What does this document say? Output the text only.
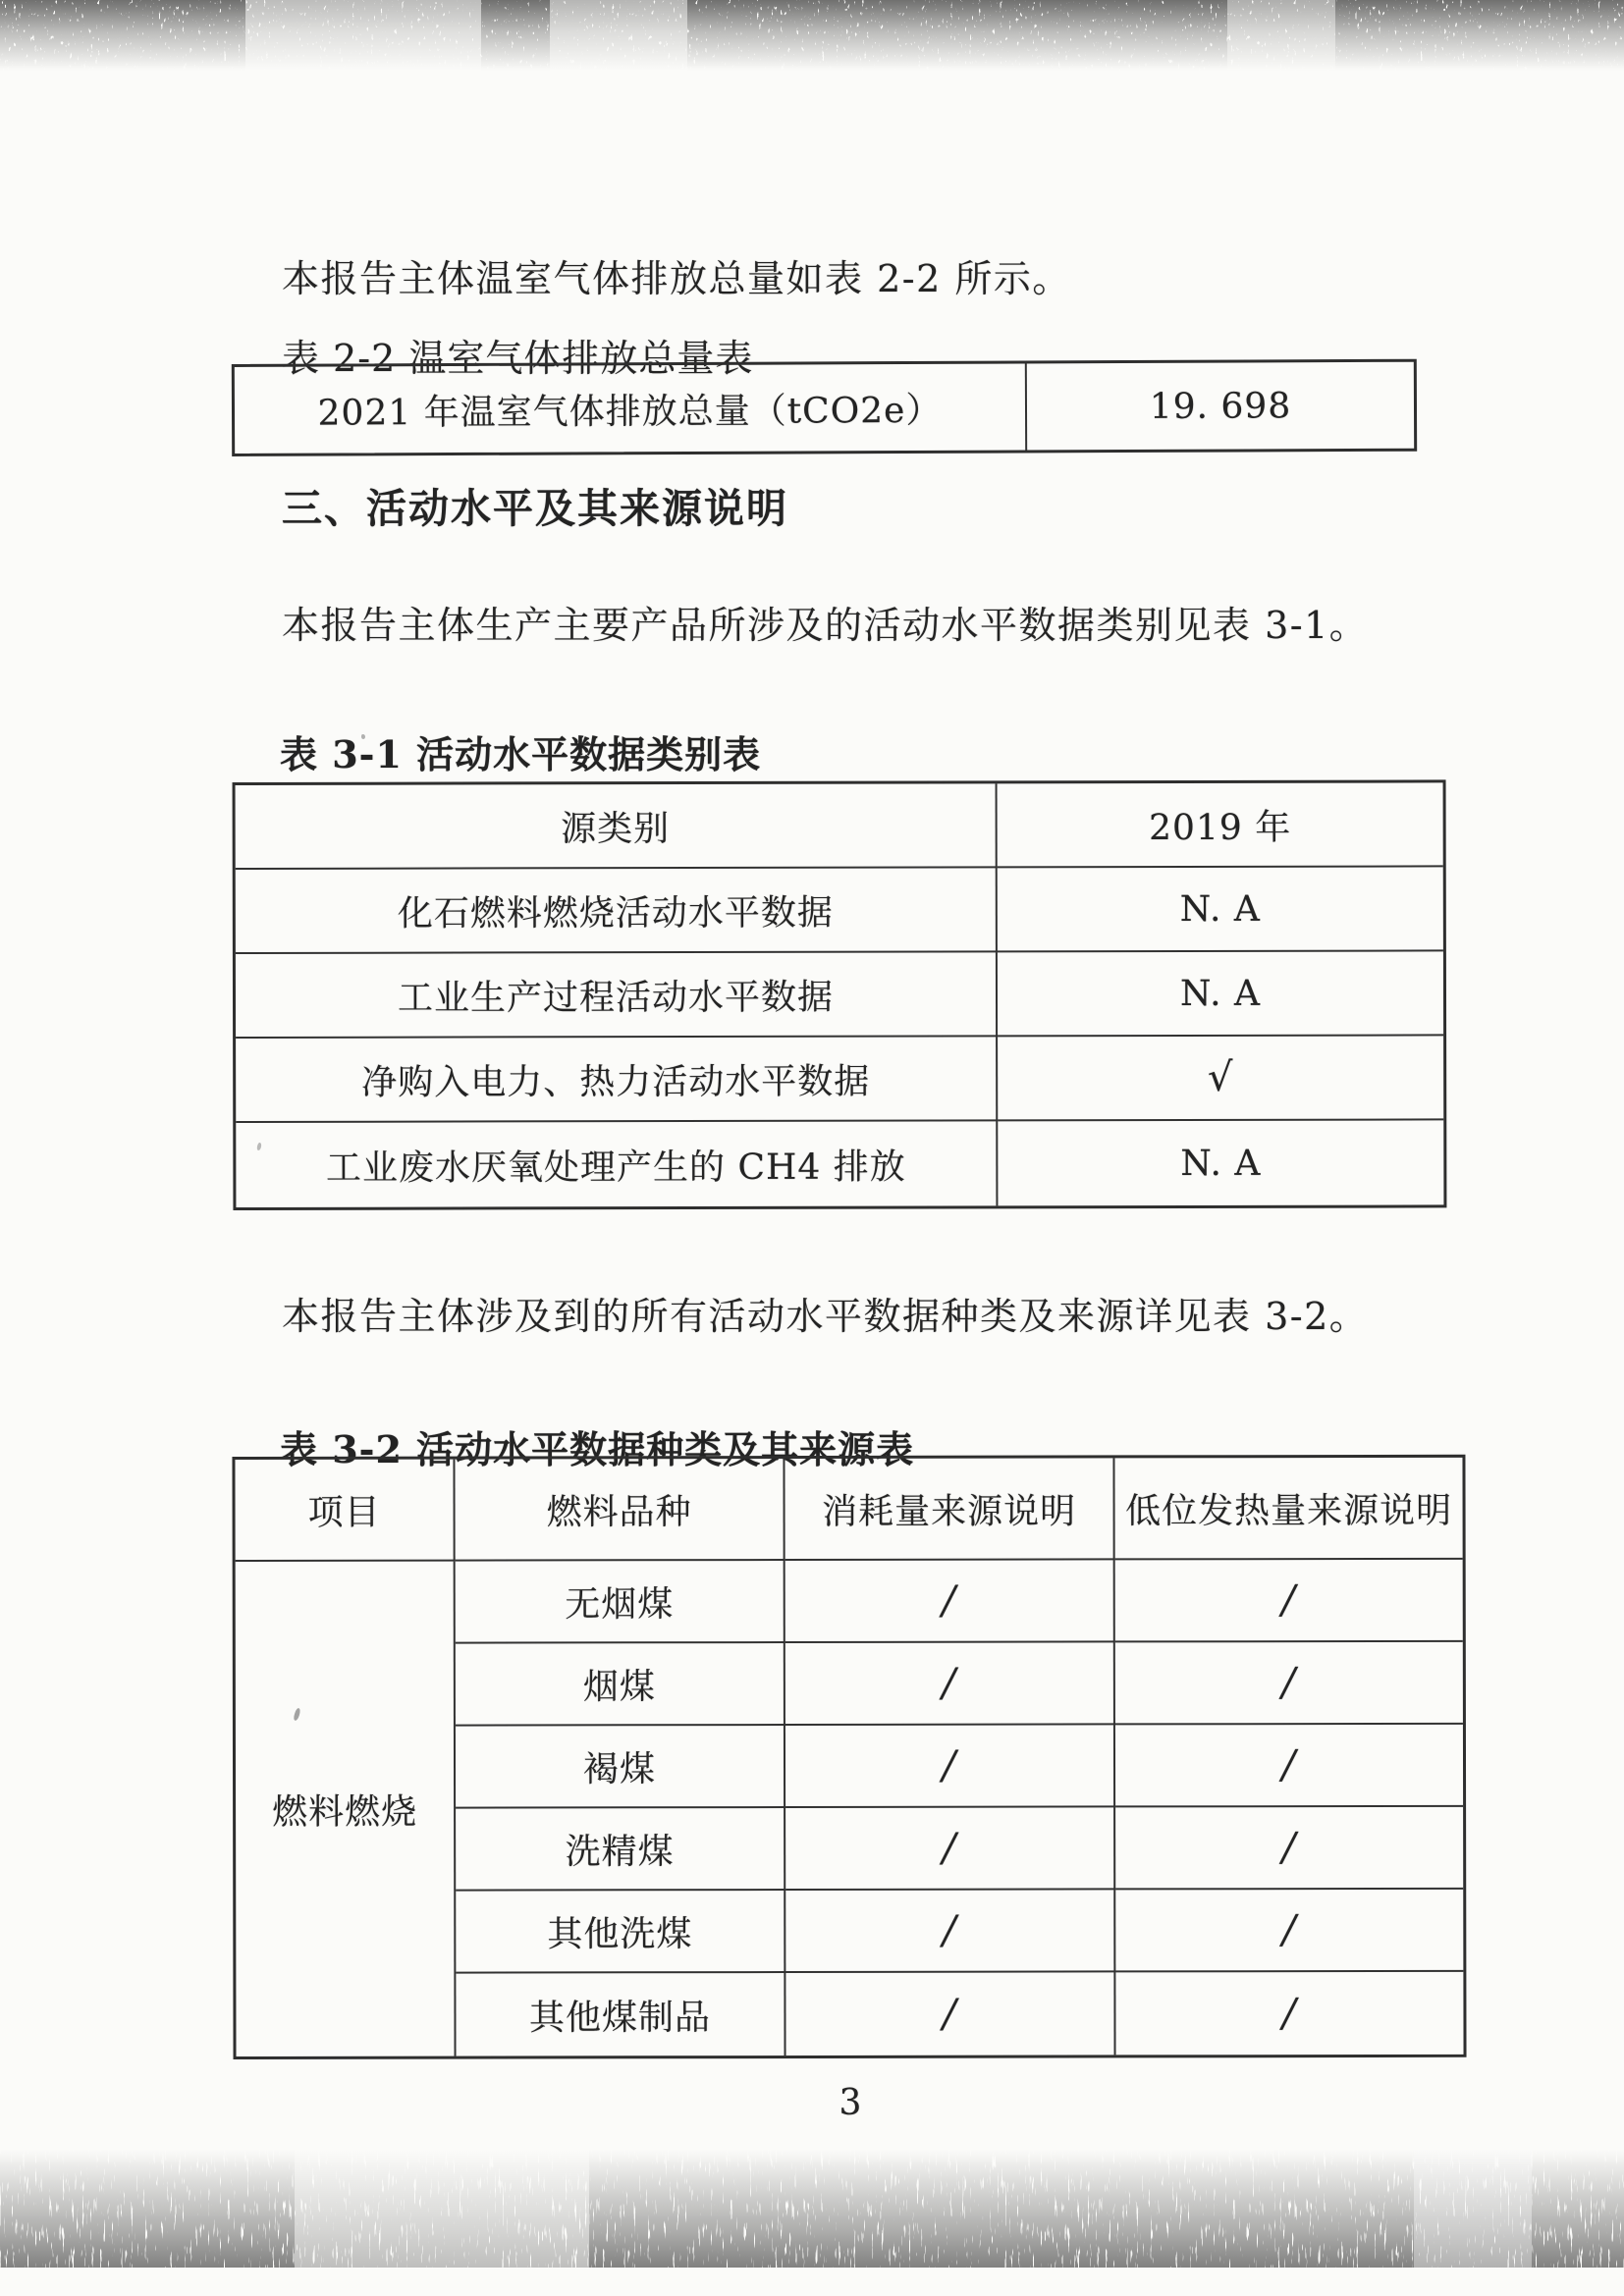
本报告主体温室气体排放总量如表 2-2 所示。

表 2-2 温室气体排放总量表

2021 年温室气体排放总量（tCO2e）	19. 698
三、活动水平及其来源说明

本报告主体生产主要产品所涉及的活动水平数据类别见表 3-1。

表 3-1 活动水平数据类别表

源类别	2019 年
化石燃料燃烧活动水平数据	N. A
工业生产过程活动水平数据	N. A
净购入电力、热力活动水平数据	√
工业废水厌氧处理产生的 CH4 排放	N. A

本报告主体涉及到的所有活动水平数据种类及来源详见表 3-2。

表 3-2 活动水平数据种类及其来源表

项目	燃料品种	消耗量来源说明	低位发热量来源说明
燃料燃烧
无烟煤	/	/
烟煤	/	/
褐煤	/	/
洗精煤	/	/
其他洗煤	/	/
其他煤制品	/	/
3
